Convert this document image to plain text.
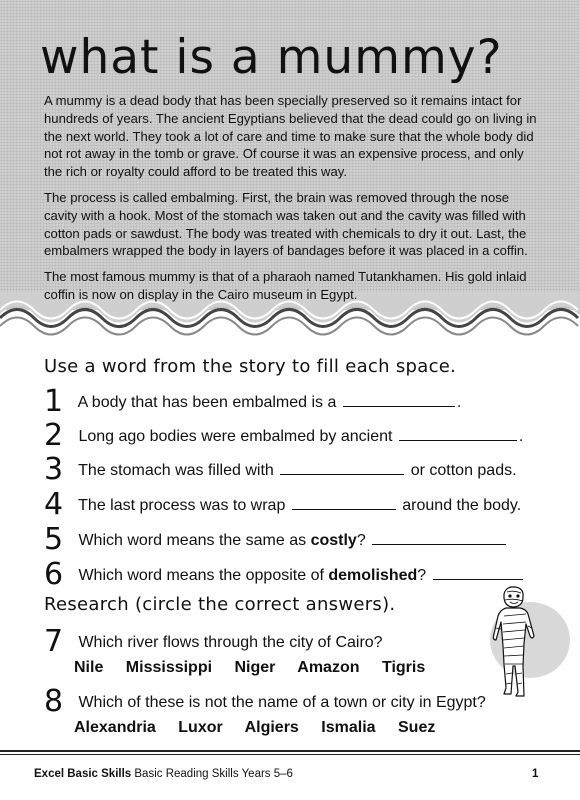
what is a mummy?

A mummy is a dead body that has been specially preserved so it remains intact for hundreds of years. The ancient Egyptians believed that the dead could go on living in the next world. They took a lot of care and time to make sure that the whole body did not rot away in the tomb or grave. Of course it was an expensive process, and only the rich or royalty could afford to be treated this way.

The process is called embalming. First, the brain was removed through the nose cavity with a hook. Most of the stomach was taken out and the cavity was filled with cotton pads or sawdust. The body was treated with chemicals to dry it out. Last, the embalmers wrapped the body in layers of bandages before it was placed in a coffin.

The most famous mummy is that of a pharaoh named Tutankhamen. His gold inlaid coffin is now on display in the Cairo museum in Egypt.

Use a word from the story to fill each space.
1 A body that has been embalmed is a	.
2 Long ago bodies were embalmed by ancient	.
3 The stomach was filled with	or cotton pads.
4 The last process was to wrap	around the body.
5 Which word means the same as costly?
6 Which word means the opposite of demolished?
Research (circle the correct answers).
7 Which river flows through the city of Cairo?
Nile Mississippi Niger Amazon Tigris
8 Which of these is not the name of a town or city in Egypt?
Alexandria Luxor Algiers Ismalia Suez
Excel Basic Skills Basic Reading Skills Years 5–6	1
